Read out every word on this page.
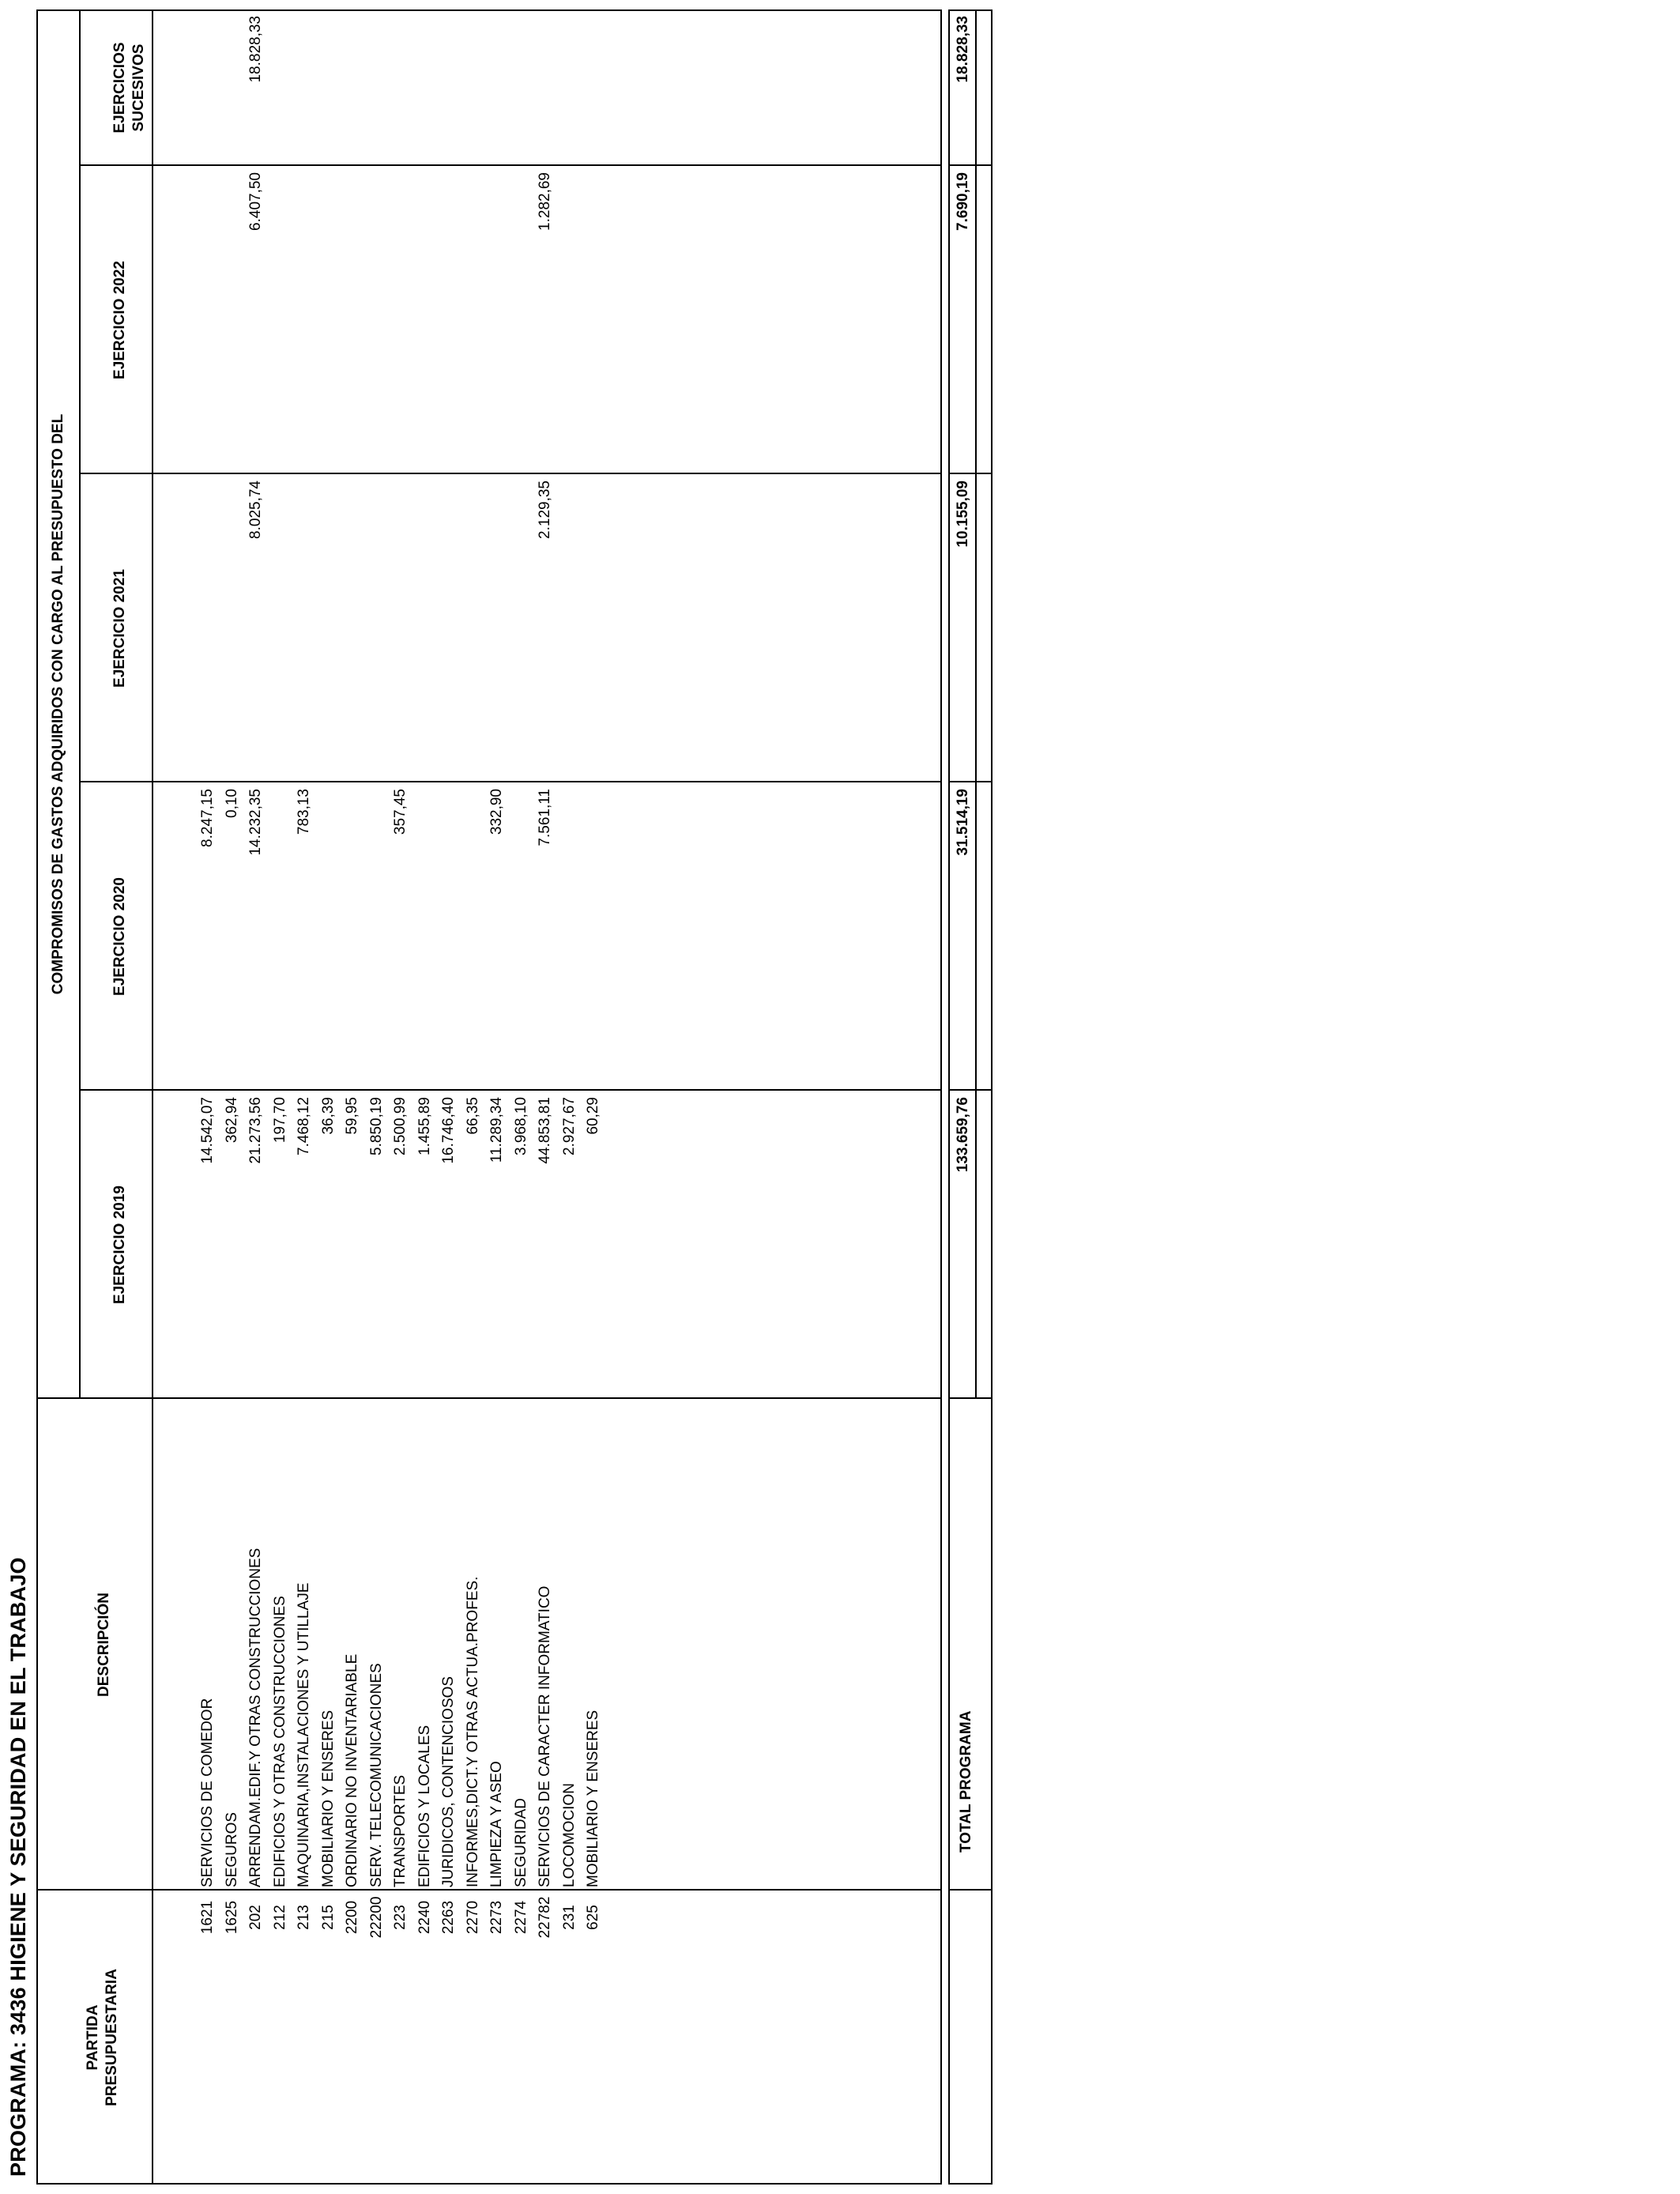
PROGRAMA: 3436 HIGIENE Y SEGURIDAD EN EL TRABAJO	PARTIDA PRESUPUESTARIA
DESCRIPCIÓN
COMPROMISOS DE GASTOS ADQUIRIDOS CON CARGO AL PRESUPUESTO DEL
EJERCICIO 2019
EJERCICIO 2020
EJERCICIO 2021
EJERCICIO 2022
EJERCICIOS SUCESIVOS
1621
SERVICIOS DE COMEDOR
14.542,07
8.247,15
1625
SEGUROS
362,94
0,10
202
ARRENDAM.EDIF.Y OTRAS CONSTRUCCIONES
21.273,56
14.232,35
8.025,74
6.407,50
18.828,33
212
EDIFICIOS Y OTRAS CONSTRUCCIONES
197,70
213
MAQUINARIA,INSTALACIONES Y UTILLAJE
7.468,12
783,13
215
MOBILIARIO Y ENSERES
36,39
2200
ORDINARIO NO INVENTARIABLE
59,95
22200
SERV. TELECOMUNICACIONES
5.850,19
223
TRANSPORTES
2.500,99
357,45
2240
EDIFICIOS Y LOCALES
1.455,89
2263
JURIDICOS, CONTENCIOSOS
16.746,40
2270
INFORMES,DICT.Y OTRAS ACTUA.PROFES.
66,35
2273
LIMPIEZA Y ASEO
11.289,34
332,90
2274
SEGURIDAD
3.968,10
22782
SERVICIOS DE CARACTER INFORMATICO
44.853,81
7.561,11
2.129,35
1.282,69
231
LOCOMOCION
2.927,67
625
MOBILIARIO Y ENSERES
60,29
TOTAL PROGRAMA
133.659,76
31.514,19
10.155,09
7.690,19
18.828,33
